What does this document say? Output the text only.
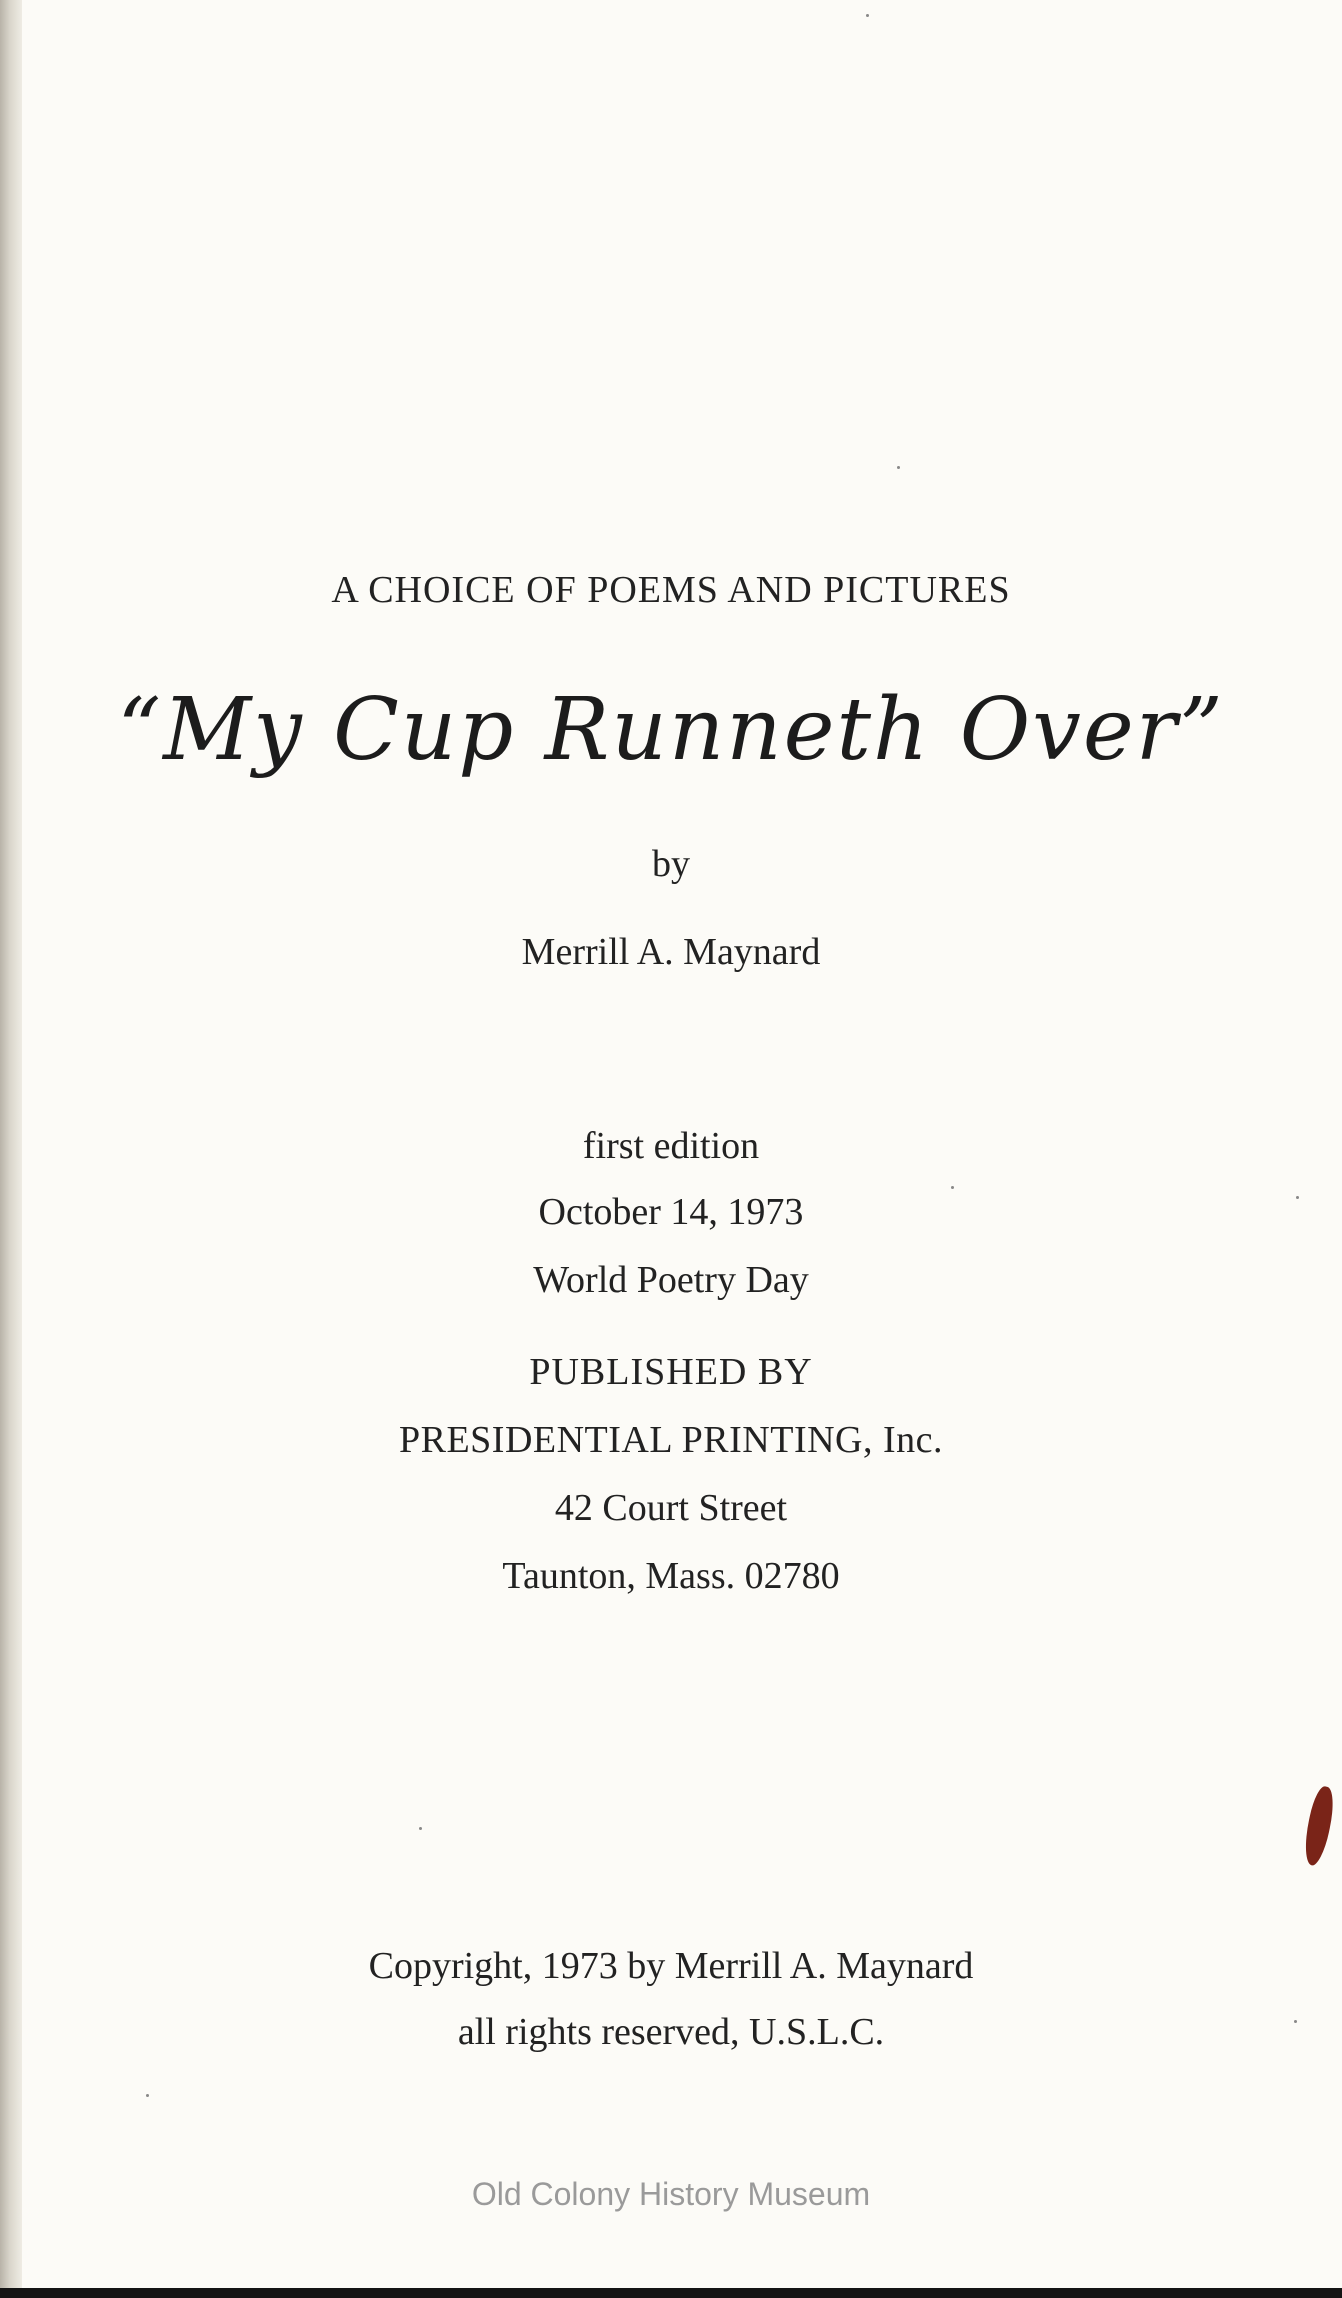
A CHOICE OF POEMS AND PICTURES

“My Cup Runneth Over”

by

Merrill A. Maynard

first edition

October 14, 1973

World Poetry Day

PUBLISHED BY

PRESIDENTIAL PRINTING, Inc.

42 Court Street

Taunton, Mass. 02780

Copyright, 1973 by Merrill A. Maynard

all rights reserved, U.S.L.C.

Old Colony History Museum
